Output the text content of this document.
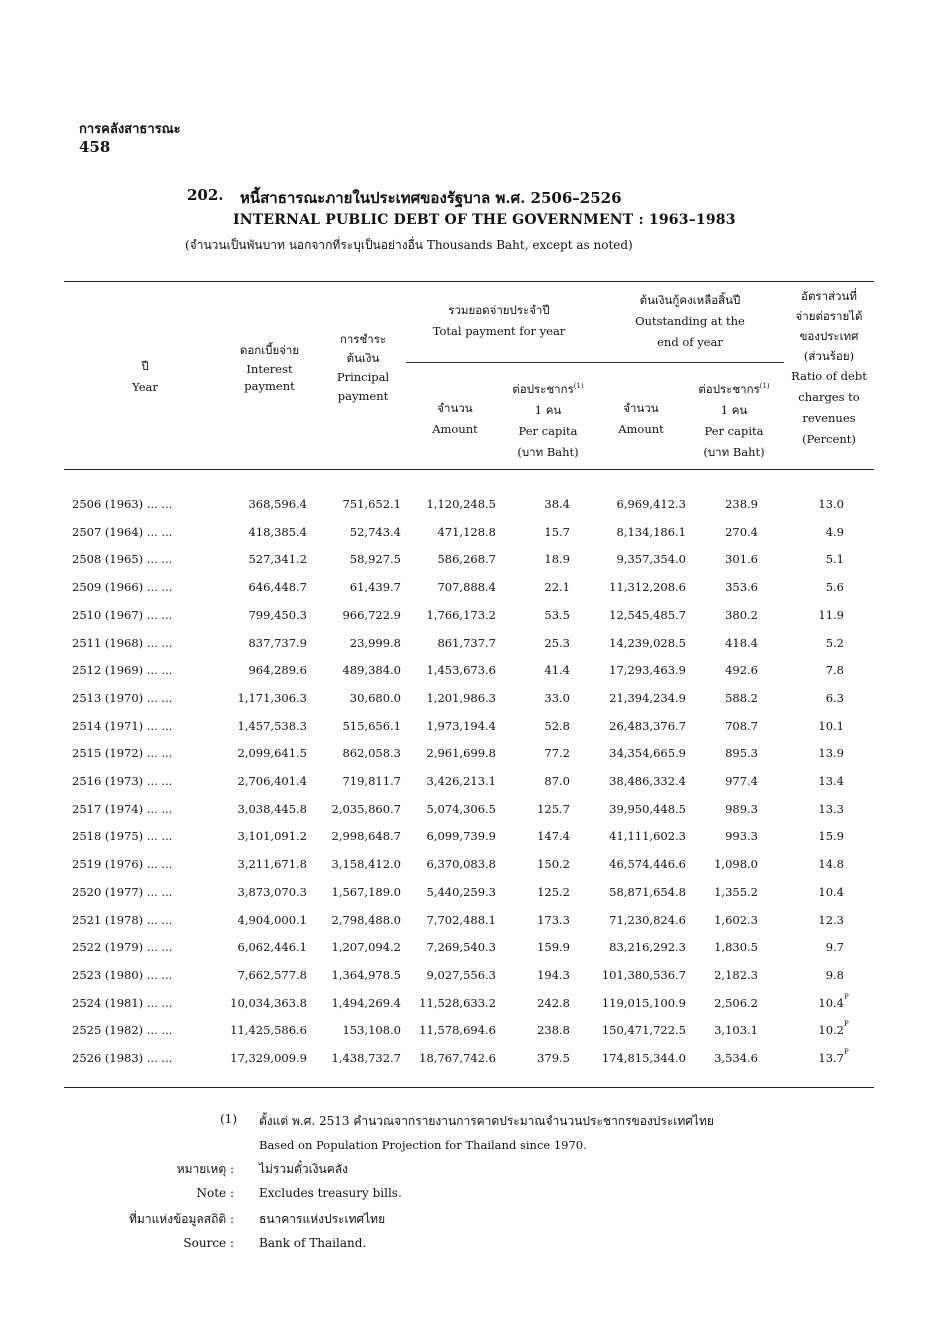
การคลังสาธารณะ
458
202. หนี้สาธารณะภายในประเทศของรัฐบาล พ.ศ. 2506–2526
INTERNAL PUBLIC DEBT OF THE GOVERNMENT : 1963–1983
(จำนวนเป็นพันบาท นอกจากที่ระบุเป็นอย่างอื่น Thousands Baht, except as noted)
ปี
Year
ดอกเบี้ยจ่าย
Interest
payment
การชำระ
ต้นเงิน
Principal
payment
รวมยอดจ่ายประจำปี
Total payment for year
ต้นเงินกู้คงเหลือสิ้นปี
Outstanding at the
end of year
อัตราส่วนที่
จ่ายต่อรายได้
ของประเทศ
(ส่วนร้อย)
Ratio of debt
charges to
revenues
(Percent)
จำนวน
Amount
ต่อประชากร$^{(1)}$
1 คน
Per capita
(บาท Baht)
จำนวน
Amount
ต่อประชากร$^{(1)}$
1 คน
Per capita
(บาท Baht)
2506 (1963) ... ...	368,596.4	751,652.1	1,120,248.5	38.4	6,969,412.3	238.9	13.0
2507 (1964) ... ...	418,385.4	52,743.4	471,128.8	15.7	8,134,186.1	270.4	4.9
2508 (1965) ... ...	527,341.2	58,927.5	586,268.7	18.9	9,357,354.0	301.6	5.1
2509 (1966) ... ...	646,448.7	61,439.7	707,888.4	22.1	11,312,208.6	353.6	5.6
2510 (1967) ... ...	799,450.3	966,722.9	1,766,173.2	53.5	12,545,485.7	380.2	11.9
2511 (1968) ... ...	837,737.9	23,999.8	861,737.7	25.3	14,239,028.5	418.4	5.2
2512 (1969) ... ...	964,289.6	489,384.0	1,453,673.6	41.4	17,293,463.9	492.6	7.8
2513 (1970) ... ...	1,171,306.3	30,680.0	1,201,986.3	33.0	21,394,234.9	588.2	6.3
2514 (1971) ... ...	1,457,538.3	515,656.1	1,973,194.4	52.8	26,483,376.7	708.7	10.1
2515 (1972) ... ...	2,099,641.5	862,058.3	2,961,699.8	77.2	34,354,665.9	895.3	13.9
2516 (1973) ... ...	2,706,401.4	719,811.7	3,426,213.1	87.0	38,486,332.4	977.4	13.4
2517 (1974) ... ...	3,038,445.8	2,035,860.7	5,074,306.5	125.7	39,950,448.5	989.3	13.3
2518 (1975) ... ...	3,101,091.2	2,998,648.7	6,099,739.9	147.4	41,111,602.3	993.3	15.9
2519 (1976) ... ...	3,211,671.8	3,158,412.0	6,370,083.8	150.2	46,574,446.6	1,098.0	14.8
2520 (1977) ... ...	3,873,070.3	1,567,189.0	5,440,259.3	125.2	58,871,654.8	1,355.2	10.4
2521 (1978) ... ...	4,904,000.1	2,798,488.0	7,702,488.1	173.3	71,230,824.6	1,602.3	12.3
2522 (1979) ... ...	6,062,446.1	1,207,094.2	7,269,540.3	159.9	83,216,292.3	1,830.5	9.7
2523 (1980) ... ...	7,662,577.8	1,364,978.5	9,027,556.3	194.3	101,380,536.7	2,182.3	9.8
2524 (1981) ... ...	10,034,363.8	1,494,269.4	11,528,633.2	242.8	119,015,100.9	2,506.2	10.4 P
2525 (1982) ... ...	11,425,586.6	153,108.0	11,578,694.6	238.8	150,471,722.5	3,103.1	10.2 P
2526 (1983) ... ...	17,329,009.9	1,438,732.7	18,767,742.6	379.5	174,815,344.0	3,534.6	13.7 P
(1) ตั้งแต่ พ.ศ. 2513 คำนวณจากรายงานการคาดประมาณจำนวนประชากรของประเทศไทย
Based on Population Projection for Thailand since 1970.
หมายเหตุ : ไม่รวมตั๋วเงินคลัง
Note : Excludes treasury bills.
ที่มาแห่งข้อมูลสถิติ : ธนาคารแห่งประเทศไทย
Source : Bank of Thailand.
